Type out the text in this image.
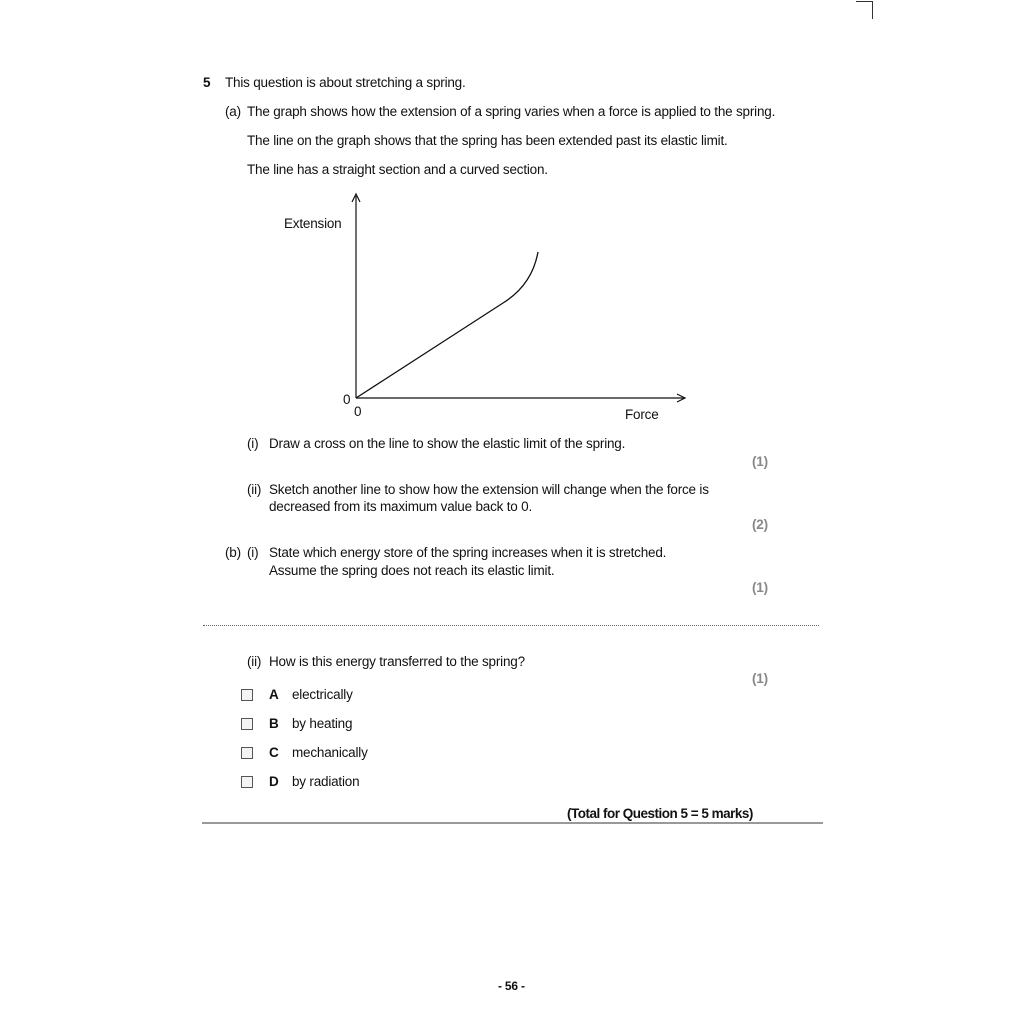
5 This question is about stretching a spring.
(a) The graph shows how the extension of a spring varies when a force is applied to the spring.
The line on the graph shows that the spring has been extended past its elastic limit.
The line has a straight section and a curved section.
Extension
0
0	Force
(i) Draw a cross on the line to show the elastic limit of the spring.
(1)
(ii) Sketch another line to show how the extension will change when the force is
decreased from its maximum value back to 0.
(2)
(b) (i) State which energy store of the spring increases when it is stretched.
Assume the spring does not reach its elastic limit.
(1)
(ii) How is this energy transferred to the spring?
(1)
A electrically
B by heating
C mechanically
D by radiation
(Total for Question 5 = 5 marks)
- 56 -
